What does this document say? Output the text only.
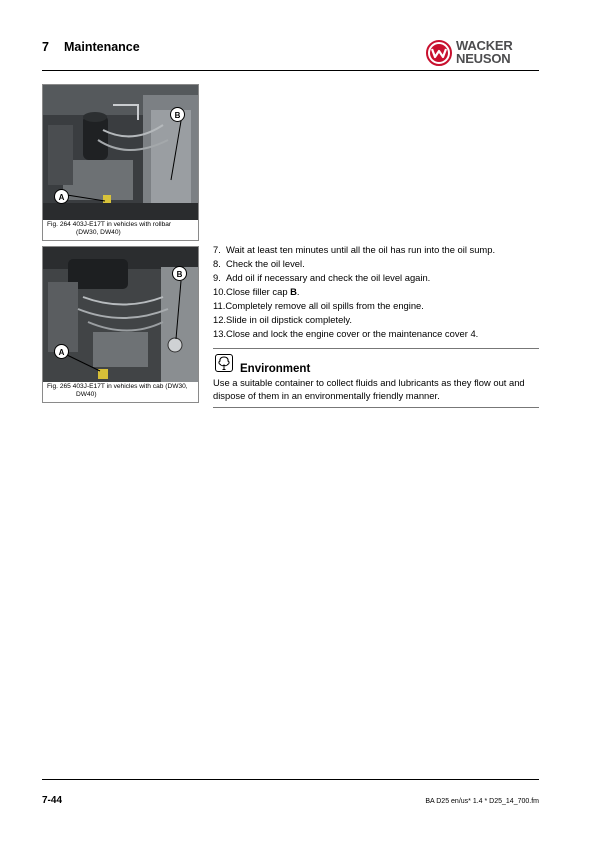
7 Maintenance	WACKER
NEUSON
A
B
Fig. 264 403J-E17T in vehicles with rollbar
(DW30, DW40)
A
B
Fig. 265 403J-E17T in vehicles with cab (DW30,
DW40)
7. Wait at least ten minutes until all the oil has run into the oil sump.
8. Check the oil level.
9. Add oil if necessary and check the oil level again.
10.Close filler cap B.
11.Completely remove all oil spills from the engine.
12.Slide in oil dipstick completely.
13.Close and lock the engine cover or the maintenance cover 4.
Environment
Use a suitable container to collect fluids and lubricants as they flow out and dispose of them in an environmentally friendly manner.
7-44	BA D25 en/us* 1.4 * D25_14_700.fm
